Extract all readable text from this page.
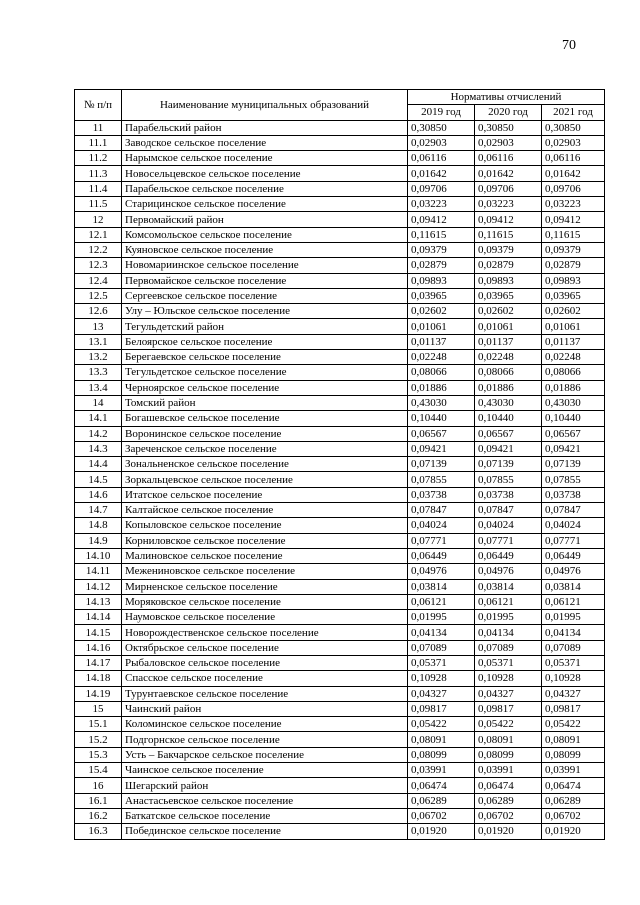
70
№ п/п	Наименование муниципальных образований	Нормативы отчислений		
		2019 год	2020 год	2021 год
11	Парабельский район	0,30850	0,30850	0,30850
11.1	Заводское сельское поселение	0,02903	0,02903	0,02903
11.2	Нарымское сельское поселение	0,06116	0,06116	0,06116
11.3	Новосельцевское сельское поселение	0,01642	0,01642	0,01642
11.4	Парабельское сельское поселение	0,09706	0,09706	0,09706
11.5	Старицинское сельское поселение	0,03223	0,03223	0,03223
12	Первомайский район	0,09412	0,09412	0,09412
12.1	Комсомольское сельское поселение	0,11615	0,11615	0,11615
12.2	Куяновское сельское поселение	0,09379	0,09379	0,09379
12.3	Новомариинское сельское поселение	0,02879	0,02879	0,02879
12.4	Первомайское сельское поселение	0,09893	0,09893	0,09893
12.5	Сергеевское сельское поселение	0,03965	0,03965	0,03965
12.6	Улу – Юльское сельское поселение	0,02602	0,02602	0,02602
13	Тегульдетский район	0,01061	0,01061	0,01061
13.1	Белоярское сельское поселение	0,01137	0,01137	0,01137
13.2	Берегаевское сельское поселение	0,02248	0,02248	0,02248
13.3	Тегульдетское сельское поселение	0,08066	0,08066	0,08066
13.4	Черноярское сельское поселение	0,01886	0,01886	0,01886
14	Томский район	0,43030	0,43030	0,43030
14.1	Богашевское сельское поселение	0,10440	0,10440	0,10440
14.2	Воронинское сельское поселение	0,06567	0,06567	0,06567
14.3	Зареченское сельское поселение	0,09421	0,09421	0,09421
14.4	Зональненское сельское поселение	0,07139	0,07139	0,07139
14.5	Зоркальцевское сельское поселение	0,07855	0,07855	0,07855
14.6	Итатское сельское поселение	0,03738	0,03738	0,03738
14.7	Калтайское сельское поселение	0,07847	0,07847	0,07847
14.8	Копыловское сельское поселение	0,04024	0,04024	0,04024
14.9	Корниловское сельское поселение	0,07771	0,07771	0,07771
14.10	Малиновское сельское поселение	0,06449	0,06449	0,06449
14.11	Межениновское сельское поселение	0,04976	0,04976	0,04976
14.12	Мирненское сельское поселение	0,03814	0,03814	0,03814
14.13	Моряковское сельское поселение	0,06121	0,06121	0,06121
14.14	Наумовское сельское поселение	0,01995	0,01995	0,01995
14.15	Новорождественское сельское поселение	0,04134	0,04134	0,04134
14.16	Октябрьское сельское поселение	0,07089	0,07089	0,07089
14.17	Рыбаловское сельское поселение	0,05371	0,05371	0,05371
14.18	Спасское сельское поселение	0,10928	0,10928	0,10928
14.19	Турунтаевское сельское поселение	0,04327	0,04327	0,04327
15	Чаинский район	0,09817	0,09817	0,09817
15.1	Коломинское сельское поселение	0,05422	0,05422	0,05422
15.2	Подгорнское сельское поселение	0,08091	0,08091	0,08091
15.3	Усть – Бакчарское сельское поселение	0,08099	0,08099	0,08099
15.4	Чаинское сельское поселение	0,03991	0,03991	0,03991
16	Шегарский район	0,06474	0,06474	0,06474
16.1	Анастасьевское сельское поселение	0,06289	0,06289	0,06289
16.2	Баткатское сельское поселение	0,06702	0,06702	0,06702
16.3	Побединское сельское поселение	0,01920	0,01920	0,01920
